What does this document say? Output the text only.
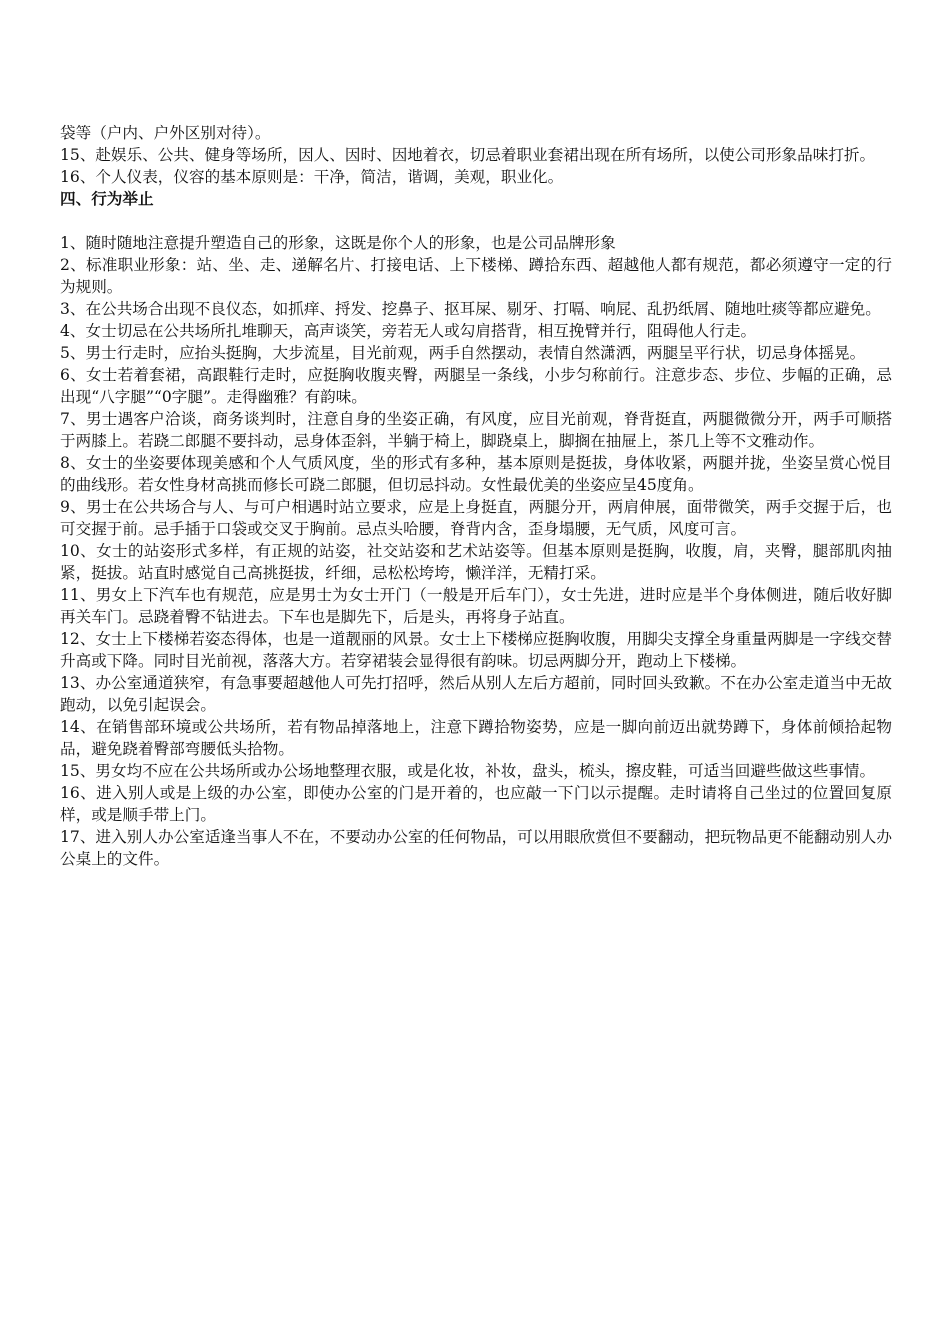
袋等（户内、户外区别对待）。

15、赴娱乐、公共、健身等场所，因人、因时、因地着衣，切忌着职业套裙出现在所有场所，以使公司形象品味打折。

16、个人仪表，仪容的基本原则是：干净，简洁，谐调，美观，职业化。

四、行为举止

1、随时随地注意提升塑造自己的形象，这既是你个人的形象，也是公司品牌形象

2、标准职业形象：站、坐、走、递解名片、打接电话、上下楼梯、蹲拾东西、超越他人都有规范，都必须遵守一定的行为规则。

3、在公共场合出现不良仪态，如抓痒、捋发、挖鼻子、抠耳屎、剔牙、打嗝、响屁、乱扔纸屑、随地吐痰等都应避免。

4、女士切忌在公共场所扎堆聊天，高声谈笑，旁若无人或勾肩搭背，相互挽臂并行，阻碍他人行走。

5、男士行走时，应抬头挺胸，大步流星，目光前观，两手自然摆动，表情自然潇洒，两腿呈平行状，切忌身体摇晃。

6、女士若着套裙，高跟鞋行走时，应挺胸收腹夹臀，两腿呈一条线，小步匀称前行。注意步态、步位、步幅的正确，忌出现“八字腿”“0字腿”。走得幽雅？有韵味。

7、男士遇客户洽谈，商务谈判时，注意自身的坐姿正确，有风度，应目光前观，脊背挺直，两腿微微分开，两手可顺搭于两膝上。若跷二郎腿不要抖动，忌身体歪斜，半躺于椅上，脚跷桌上，脚搁在抽屉上，茶几上等不文雅动作。

8、女士的坐姿要体现美感和个人气质风度，坐的形式有多种，基本原则是挺拔，身体收紧，两腿并拢，坐姿呈赏心悦目的曲线形。若女性身材高挑而修长可跷二郎腿，但切忌抖动。女性最优美的坐姿应呈45度角。

9、男士在公共场合与人、与可户相遇时站立要求，应是上身挺直，两腿分开，两肩伸展，面带微笑，两手交握于后，也可交握于前。忌手插于口袋或交叉于胸前。忌点头哈腰，脊背内含，歪身塌腰，无气质，风度可言。

10、女士的站姿形式多样，有正规的站姿，社交站姿和艺术站姿等。但基本原则是挺胸，收腹，肩，夹臀，腿部肌肉抽紧，挺拔。站直时感觉自己高挑挺拔，纤细，忌松松垮垮，懒洋洋，无精打采。

11、男女上下汽车也有规范，应是男士为女士开门（一般是开后车门），女士先进，进时应是半个身体侧进，随后收好脚再关车门。忌跷着臀不钻进去。下车也是脚先下，后是头，再将身子站直。

12、女士上下楼梯若姿态得体，也是一道靓丽的风景。女士上下楼梯应挺胸收腹，用脚尖支撑全身重量两脚是一字线交替升高或下降。同时目光前视，落落大方。若穿裙装会显得很有韵味。切忌两脚分开，跑动上下楼梯。

13、办公室通道狭窄，有急事要超越他人可先打招呼，然后从别人左后方超前，同时回头致歉。不在办公室走道当中无故跑动，以免引起误会。

14、在销售部环境或公共场所，若有物品掉落地上，注意下蹲拾物姿势，应是一脚向前迈出就势蹲下，身体前倾拾起物品，避免跷着臀部弯腰低头拾物。

15、男女均不应在公共场所或办公场地整理衣服，或是化妆，补妆，盘头，梳头，擦皮鞋，可适当回避些做这些事情。

16、进入别人或是上级的办公室，即使办公室的门是开着的，也应敲一下门以示提醒。走时请将自己坐过的位置回复原样，或是顺手带上门。

17、进入别人办公室适逢当事人不在，不要动办公室的任何物品，可以用眼欣赏但不要翻动，把玩物品更不能翻动别人办公桌上的文件。
